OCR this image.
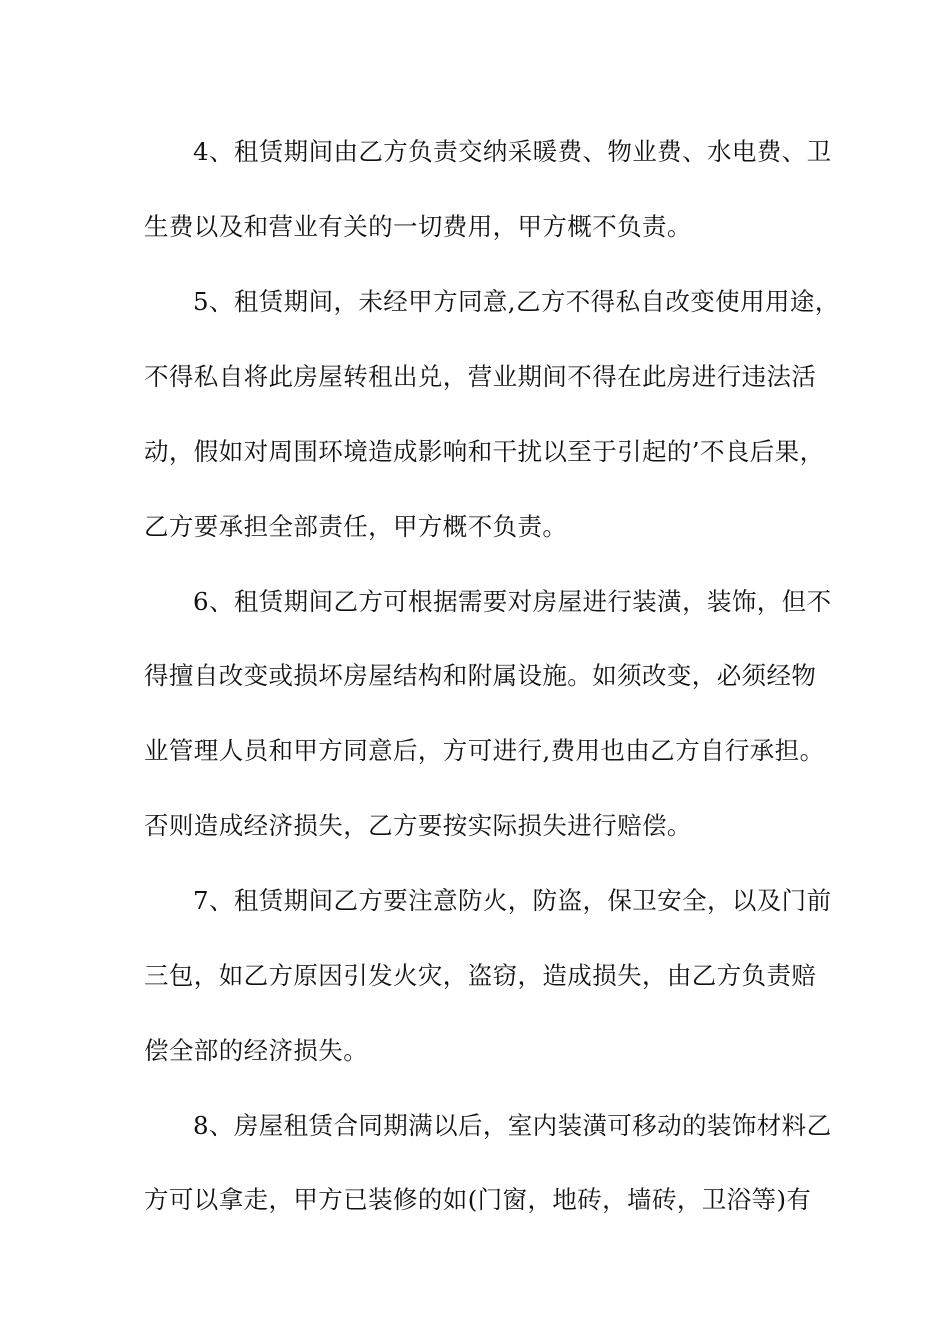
4、租赁期间由乙方负责交纳采暖费、物业费、水电费、卫
生费以及和营业有关的一切费用，甲方概不负责。
5、租赁期间，未经甲方同意,乙方不得私自改变使用用途，
不得私自将此房屋转租出兑，营业期间不得在此房进行违法活
动，假如对周围环境造成影响和干扰以至于引起的’不良后果，
乙方要承担全部责任，甲方概不负责。
6、租赁期间乙方可根据需要对房屋进行装潢，装饰，但不
得擅自改变或损坏房屋结构和附属设施。如须改变，必须经物
业管理人员和甲方同意后，方可进行,费用也由乙方自行承担。
否则造成经济损失，乙方要按实际损失进行赔偿。
7、租赁期间乙方要注意防火，防盗，保卫安全，以及门前
三包，如乙方原因引发火灾，盗窃，造成损失，由乙方负责赔
偿全部的经济损失。
8、房屋租赁合同期满以后，室内装潢可移动的装饰材料乙
方可以拿走，甲方已装修的如(门窗，地砖，墙砖，卫浴等)有
